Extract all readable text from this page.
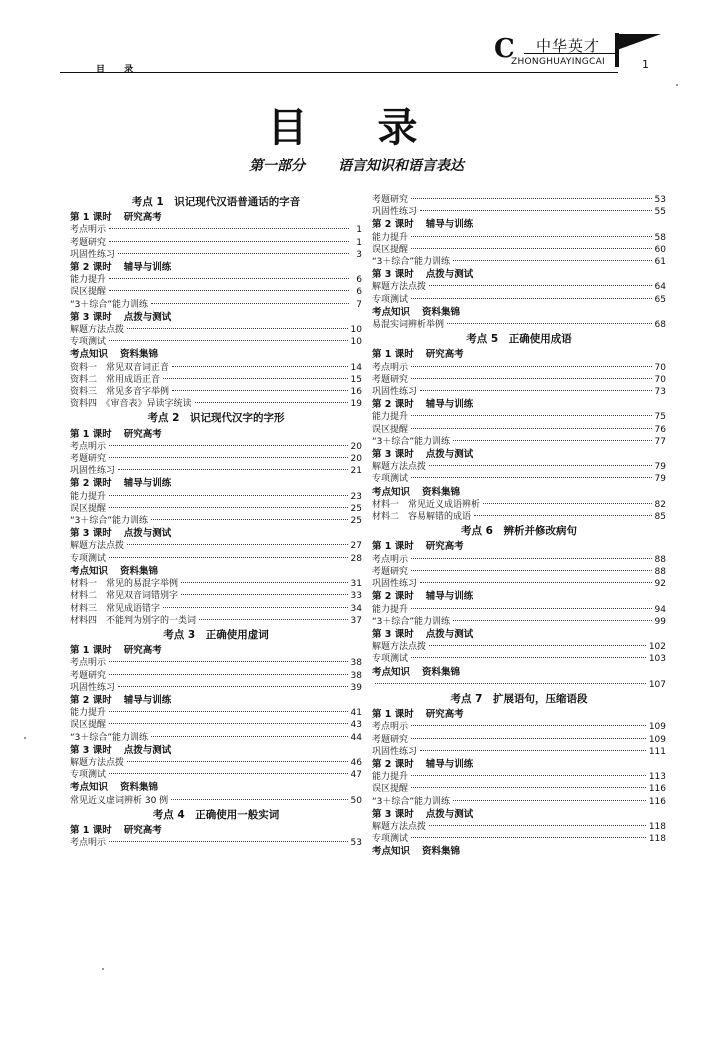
目 录
C	中华英才
ZHONGHUAYINGCAI	1
目 录
第一部分 语言知识和语言表达
考点 1　识记现代汉语普通话的字音
第 1 课时 研究高考
考点明示	1
考题研究	1
巩固性练习	3
第 2 课时 辅导与训练
能力提升	6
误区提醒	6
“3＋综合”能力训练	7
第 3 课时 点拨与测试
解题方法点拨	10
专项测试	10
考点知识 资料集锦
资料一　常见双音词正音	14
资料二　常用成语正音	15
资料三　常见多音字举例	16
资料四　《审音表》异读字统读	19
考点 2　识记现代汉字的字形
第 1 课时 研究高考
考点明示	20
考题研究	20
巩固性练习	21
第 2 课时 辅导与训练
能力提升	23
误区提醒	25
“3＋综合”能力训练	25
第 3 课时 点拨与测试
解题方法点拨	27
专项测试	28
考点知识 资料集锦
材料一　常见的易混字举例	31
材料二　常见双音词错别字	33
材料三　常见成语错字	34
材料四　不能判为别字的一类词	37
考点 3　正确使用虚词
第 1 课时 研究高考
考点明示	38
考题研究	38
巩固性练习	39
第 2 课时 辅导与训练
能力提升	41
误区提醒	43
“3＋综合”能力训练	44
第 3 课时 点拨与测试
解题方法点拨	46
专项测试	47
考点知识 资料集锦
常见近义虚词辨析 30 例	50
考点 4　正确使用一般实词
第 1 课时 研究高考
考点明示	53
考题研究	53
巩固性练习	55
第 2 课时 辅导与训练
能力提升	58
误区提醒	60
“3＋综合”能力训练	61
第 3 课时 点拨与测试
解题方法点拨	64
专项测试	65
考点知识 资料集锦
易混实词辨析举例	68
考点 5　正确使用成语
第 1 课时 研究高考
考点明示	70
考题研究	70
巩固性练习	73
第 2 课时 辅导与训练
能力提升	75
误区提醒	76
“3＋综合”能力训练	77
第 3 课时 点拨与测试
解题方法点拨	79
专项测试	79
考点知识 资料集锦
材料一　常见近义成语辨析	82
材料二　容易解错的成语	85
考点 6　辨析并修改病句
第 1 课时 研究高考
考点明示	88
考题研究	88
巩固性练习	92
第 2 课时 辅导与训练
能力提升	94
“3＋综合”能力训练	99
第 3 课时 点拨与测试
解题方法点拨	102
专项测试	103
考点知识 资料集锦
107
考点 7　扩展语句，压缩语段
第 1 课时 研究高考
考点明示	109
考题研究	109
巩固性练习	111
第 2 课时 辅导与训练
能力提升	113
误区提醒	116
“3＋综合”能力训练	116
第 3 课时 点拨与测试
解题方法点拨	118
专项测试	118
考点知识 资料集锦
